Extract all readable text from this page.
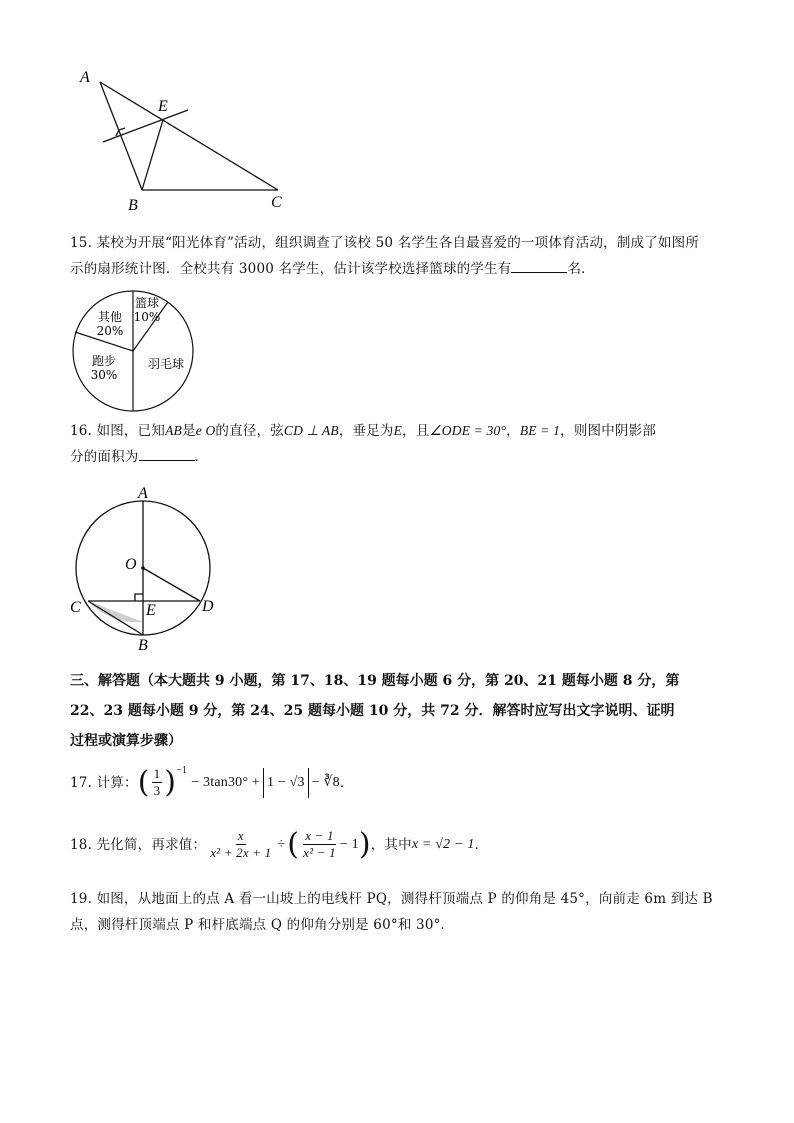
A
E
B	C
15. 某校为开展“阳光体育”活动，组织调查了该校 50 名学生各自最喜爱的一项体育活动，制成了如图所
示的扇形统计图．全校共有 3000 名学生，估计该学校选择篮球的学生有	名．
篮球
10%
其他
20%
跑步
30%
羽毛球
16. 如图，已知AB是e O的直径，弦CD ⊥ AB，垂足为E，且∠ODE = 30°，BE = 1，则图中阴影部
分的面积为	．
A
O
C	E	D
B
三、解答题（本大题共 9 小题，第 17、18、19 题每小题 6 分，第 20、21 题每小题 8 分，第
22、23 题每小题 9 分，第 24、25 题每小题 10 分，共 72 分．解答时应写出文字说明、证明
过程或演算步骤）
17.
计算： ( $\frac{1}{3} )^{-1}$
− 3tan30° + 1 − √3 − ∛8 ．
18.
先化简，再求值： $\frac{x}{\text{x² + 2x + 1}}$ ÷ ( $\frac{x - 1}{\text{x² − 1}} - 1$ ) ，其中 x = √2 − 1 ．
19. 如图，从地面上的点 A 看一山坡上的电线杆 PQ，测得杆顶端点 P 的仰角是 45°，向前走 6m 到达 B
点，测得杆顶端点 P 和杆底端点 Q 的仰角分别是 60°和 30°．
